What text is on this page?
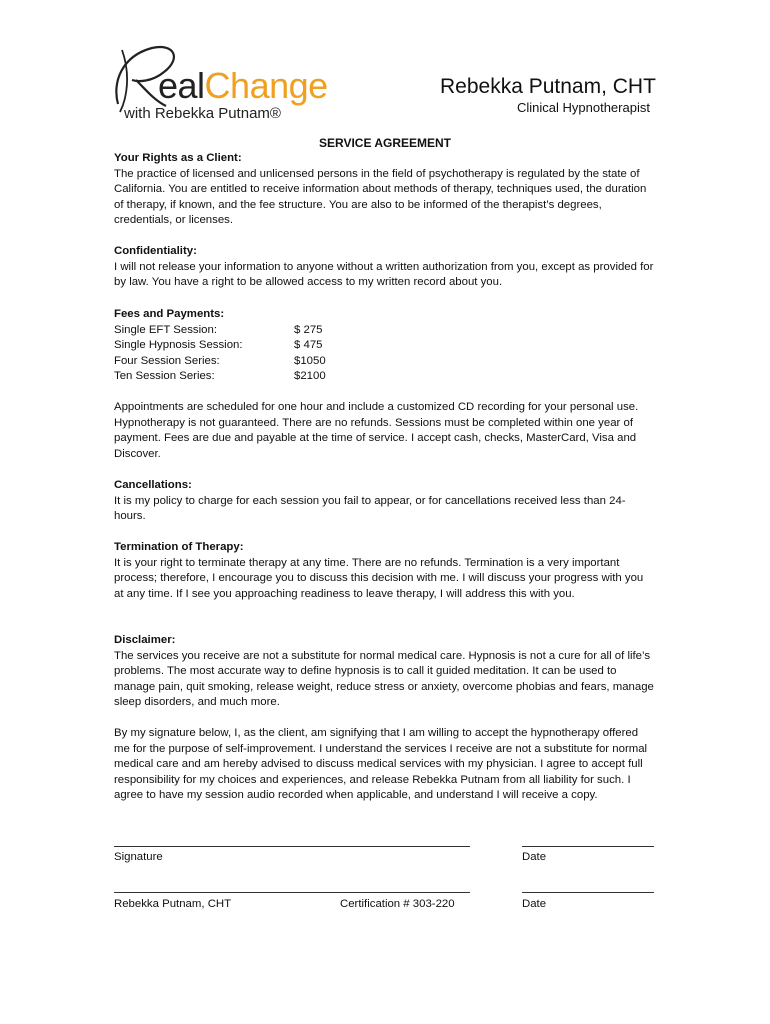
ealChange
with Rebekka Putnam®
Rebekka Putnam, CHT
Clinical Hypnotherapist
SERVICE AGREEMENT
Your Rights as a Client:

The practice of licensed and unlicensed persons in the field of psychotherapy is regulated by the state of California. You are entitled to receive information about methods of therapy, techniques used, the duration of therapy, if known, and the fee structure. You are also to be informed of the therapist’s degrees, credentials, or licenses.

Confidentiality:

I will not release your information to anyone without a written authorization from you, except as provided for by law. You have a right to be allowed access to my written record about you.

Fees and Payments:
Single EFT Session:	$ 275
Single Hypnosis Session:	$ 475
Four Session Series:	$1050
Ten Session Series:	$2100

Appointments are scheduled for one hour and include a customized CD recording for your personal use. Hypnotherapy is not guaranteed. There are no refunds. Sessions must be completed within one year of payment. Fees are due and payable at the time of service. I accept cash, checks, MasterCard, Visa and Discover.

Cancellations:

It is my policy to charge for each session you fail to appear, or for cancellations received less than 24-hours.

Termination of Therapy:

It is your right to terminate therapy at any time. There are no refunds. Termination is a very important process; therefore, I encourage you to discuss this decision with me. I will discuss your progress with you at any time. If I see you approaching readiness to leave therapy, I will address this with you.

Disclaimer:

The services you receive are not a substitute for normal medical care. Hypnosis is not a cure for all of life’s problems. The most accurate way to define hypnosis is to call it guided meditation. It can be used to manage pain, quit smoking, release weight, reduce stress or anxiety, overcome phobias and fears, manage sleep disorders, and much more.

By my signature below, I, as the client, am signifying that I am willing to accept the hypnotherapy offered me for the purpose of self-improvement. I understand the services I receive are not a substitute for normal medical care and am hereby advised to discuss medical services with my physician. I agree to accept full responsibility for my choices and experiences, and release Rebekka Putnam from all liability for such. I agree to have my session audio recorded when applicable, and understand I will receive a copy.

Signature	Date
Rebekka Putnam, CHT	Certification # 303-220	Date
